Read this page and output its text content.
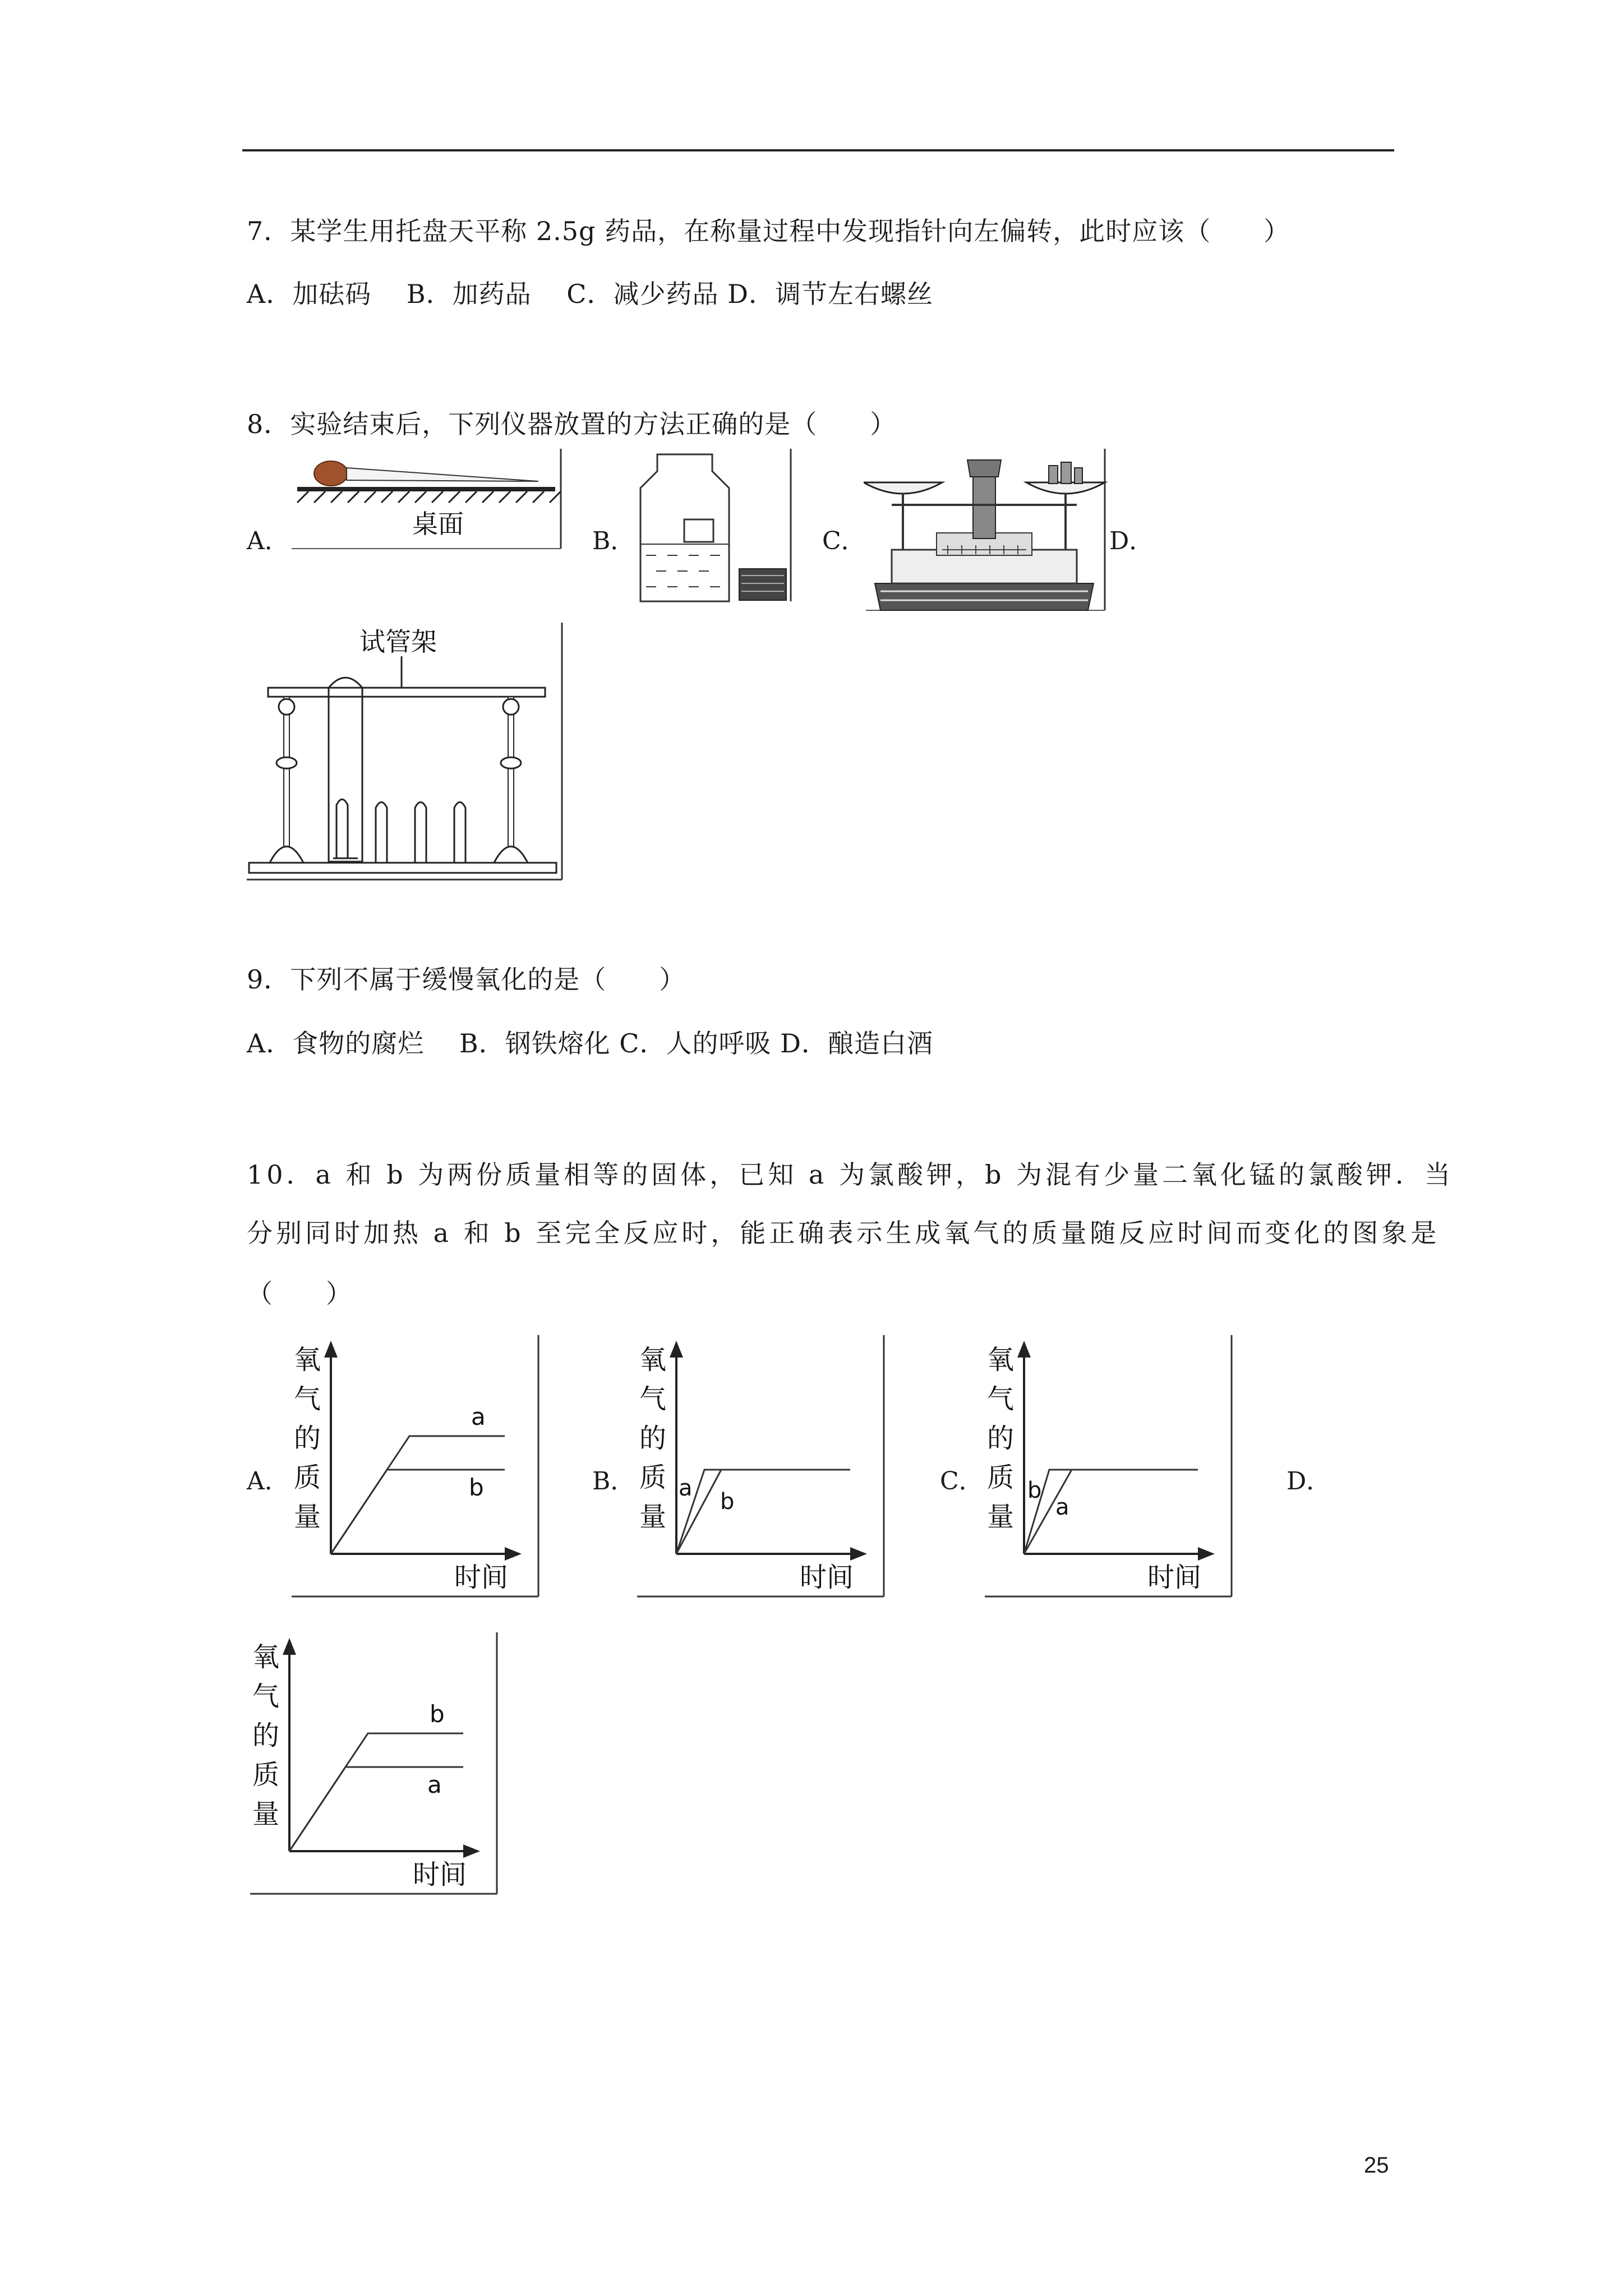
7．某学生用托盘天平称 2.5g 药品，在称量过程中发现指针向左偏转，此时应该（　　）
A．加砝码　 B．加药品　 C．减少药品 D．调节左右螺丝
8．实验结束后，下列仪器放置的方法正确的是（　　）
A．
桌面
B．	C．	D．
试管架
9．下列不属于缓慢氧化的是（　　）
A．食物的腐烂　 B．钢铁熔化 C．人的呼吸 D．酿造白酒
10．a 和 b 为两份质量相等的固体，已知 a 为氯酸钾，b 为混有少量二氧化锰的氯酸钾．当
分别同时加热 a 和 b 至完全反应时，能正确表示生成氧气的质量随反应时间而变化的图象是
（　　）
A．
氧
气
的
质
量
时间
a
b	B．
氧
气
的
质
量
时间
a
b
C．
氧
气
的
质
量
时间
b
a
D．
氧
气
的
质
量
时间
b
a
25
